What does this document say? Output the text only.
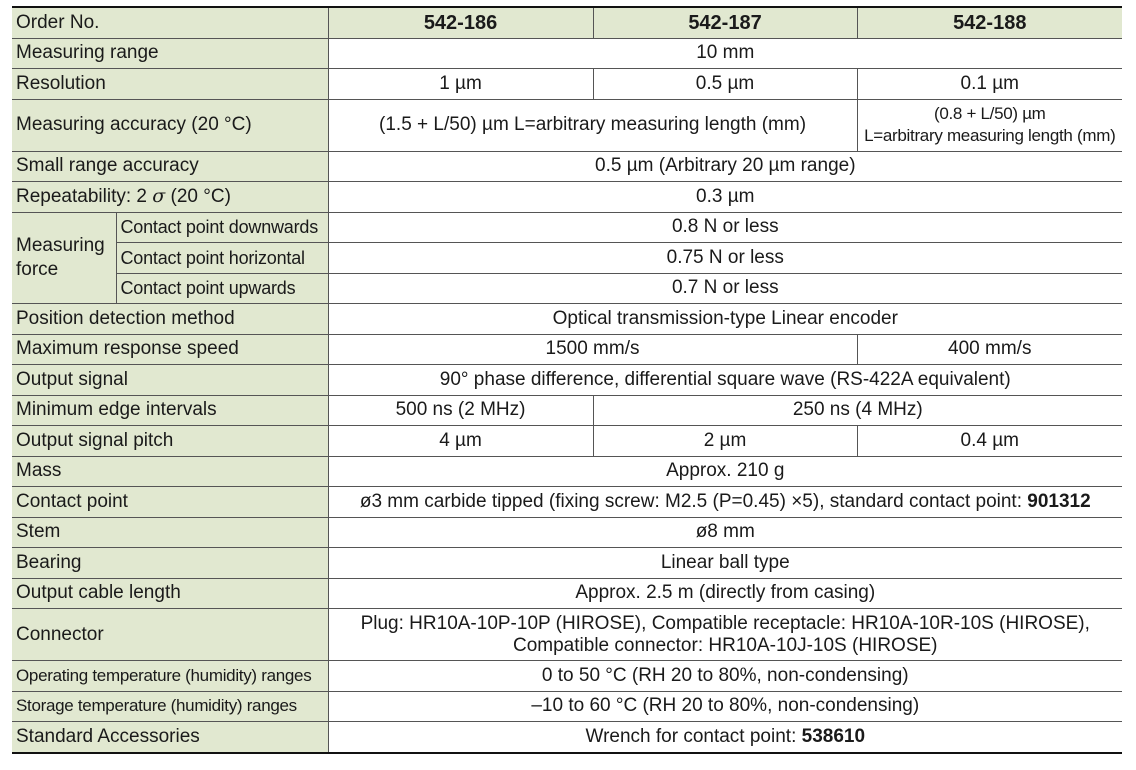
Order No.		542-186	542-187	542-188
Measuring range		10 mm		
Resolution		1 µm	0.5 µm	0.1 µm
Measuring accuracy (20 °C)		(1.5 + L/50) µm L=arbitrary measuring length (mm)		(0.8 + L/50) µm
L=arbitrary measuring length (mm)

Small range accuracy		0.5 µm (Arbitrary 20 µm range)		
Repeatability: 2 σ (20 °C)		0.3 µm		

Measuring
force	Contact point downwards	0.8 N or less		
	Contact point horizontal	0.75 N or less		
	Contact point upwards	0.7 N or less		
Position detection method		Optical transmission-type Linear encoder		
Maximum response speed		1500 mm/s		400 mm/s
Output signal		90° phase difference, differential square wave (RS-422A equivalent)		
Minimum edge intervals		500 ns (2 MHz)	250 ns (4 MHz)	
Output signal pitch		4 µm	2 µm	0.4 µm
Mass		Approx. 210 g		
Contact point		ø3 mm carbide tipped (fixing screw: M2.5 (P=0.45) ×5), standard contact point: 901312		
Stem		ø8 mm		
Bearing		Linear ball type		
Output cable length		Approx. 2.5 m (directly from casing)		
Connector		Plug: HR10A-10P-10P (HIROSE), Compatible receptacle: HR10A-10R-10S (HIROSE),
Compatible connector: HR10A-10J-10S (HIROSE)		

Operating temperature (humidity) ranges		0 to 50 °C (RH 20 to 80%, non-condensing)		
Storage temperature (humidity) ranges		–10 to 60 °C (RH 20 to 80%, non-condensing)		
Standard Accessories		Wrench for contact point: 538610		
